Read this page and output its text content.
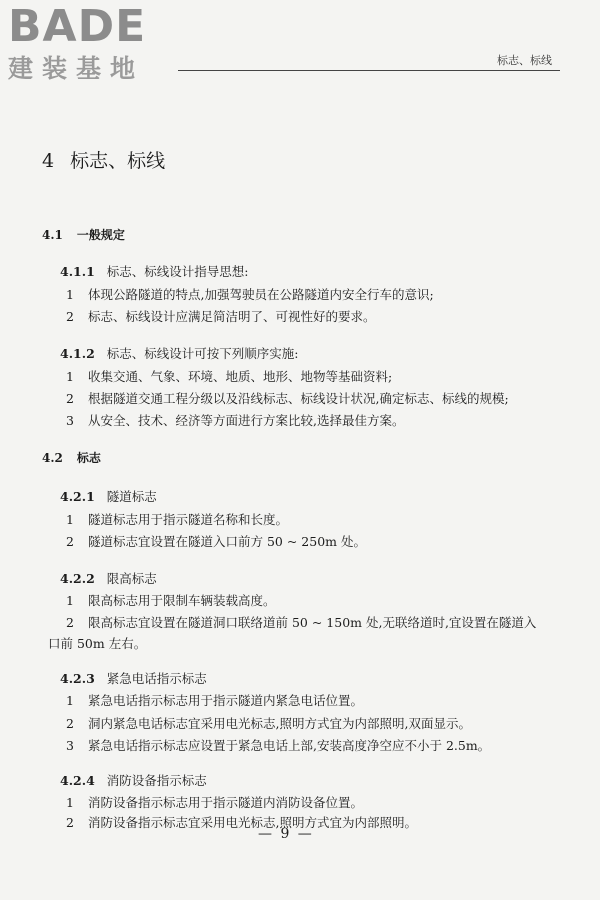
BADE
建装基地	标志、标线
4 标志、标线
4.1 一般规定
4.1.1 标志、标线设计指导思想:
1 体现公路隧道的特点,加强驾驶员在公路隧道内安全行车的意识;
2 标志、标线设计应满足简洁明了、可视性好的要求。
4.1.2 标志、标线设计可按下列顺序实施:
1 收集交通、气象、环境、地质、地形、地物等基础资料;
2 根据隧道交通工程分级以及沿线标志、标线设计状况,确定标志、标线的规模;
3 从安全、技术、经济等方面进行方案比较,选择最佳方案。
4.2 标志
4.2.1 隧道标志
1 隧道标志用于指示隧道名称和长度。
2 隧道标志宜设置在隧道入口前方 50 ~ 250m 处。
4.2.2 限高标志
1 限高标志用于限制车辆装载高度。
2 限高标志宜设置在隧道洞口联络道前 50 ~ 150m 处,无联络道时,宜设置在隧道入
口前 50m 左右。
4.2.3 紧急电话指示标志
1 紧急电话指示标志用于指示隧道内紧急电话位置。
2 洞内紧急电话标志宜采用电光标志,照明方式宜为内部照明,双面显示。
3 紧急电话指示标志应设置于紧急电话上部,安装高度净空应不小于 2.5m。
4.2.4 消防设备指示标志
1 消防设备指示标志用于指示隧道内消防设备位置。
2 消防设备指示标志宜采用电光标志,照明方式宜为内部照明。
— 9 —
